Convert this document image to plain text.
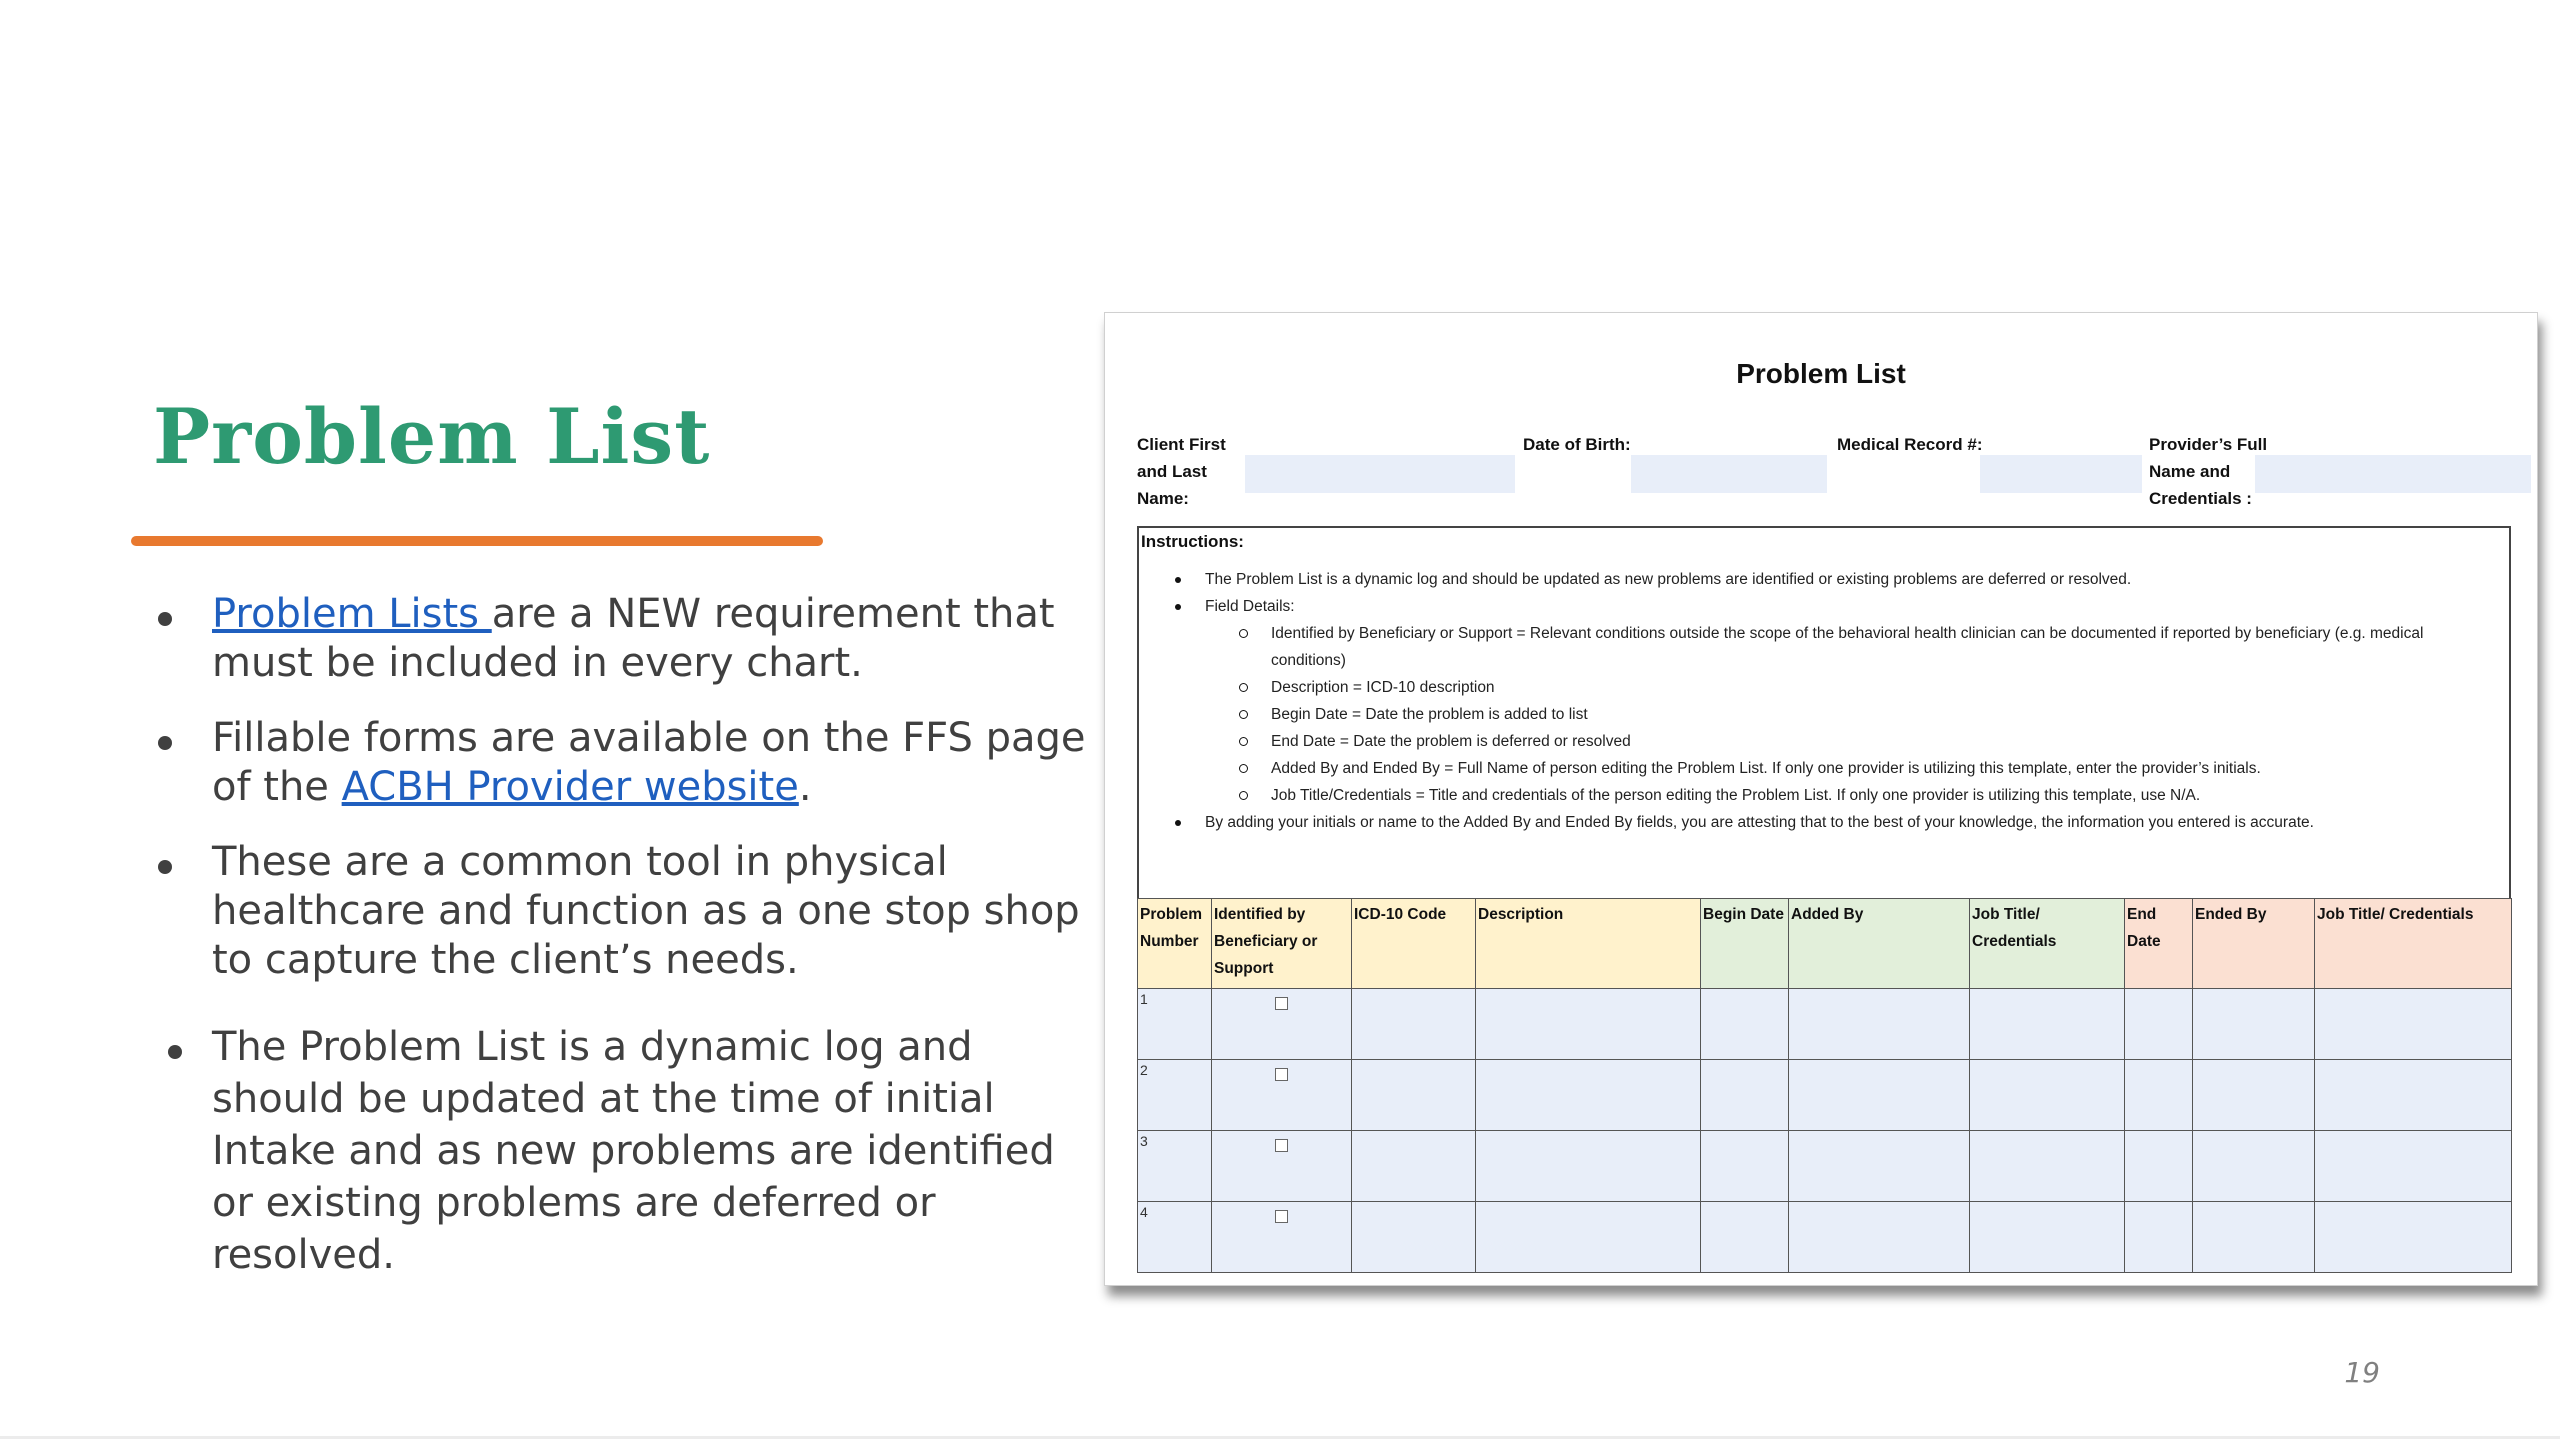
Problem List
Problem Lists are a NEW requirement that must be included in every chart.
Fillable forms are available on the FFS page of the ACBH Provider website.
These are a common tool in physical healthcare and function as a one stop shop to capture the client’s needs.
The Problem List is a dynamic log and should be updated at the time of initial Intake and as new problems are identified or existing problems are deferred or resolved.
Problem List
Client First and Last Name:
Date of Birth:	Medical Record #:	Provider’s Full Name and Credentials :
Instructions:
The Problem List is a dynamic log and should be updated as new problems are identified or existing problems are deferred or resolved.
Field Details:
Identified by Beneficiary or Support = Relevant conditions outside the scope of the behavioral health clinician can be documented if reported by beneficiary (e.g. medical conditions)
Description = ICD-10 description
Begin Date = Date the problem is added to list
End Date = Date the problem is deferred or resolved
Added By and Ended By = Full Name of person editing the Problem List. If only one provider is utilizing this template, enter the provider’s initials.
Job Title/Credentials = Title and credentials of the person editing the Problem List. If only one provider is utilizing this template, use N/A.
By adding your initials or name to the Added By and Ended By fields, you are attesting that to the best of your knowledge, the information you entered is accurate.
Problem Number	Identified by Beneficiary or Support	ICD-10 Code	Description	Begin Date	Added By	Job Title/ Credentials	End Date	Ended By	Job Title/ Credentials
1	

2	

3	

4	

19
